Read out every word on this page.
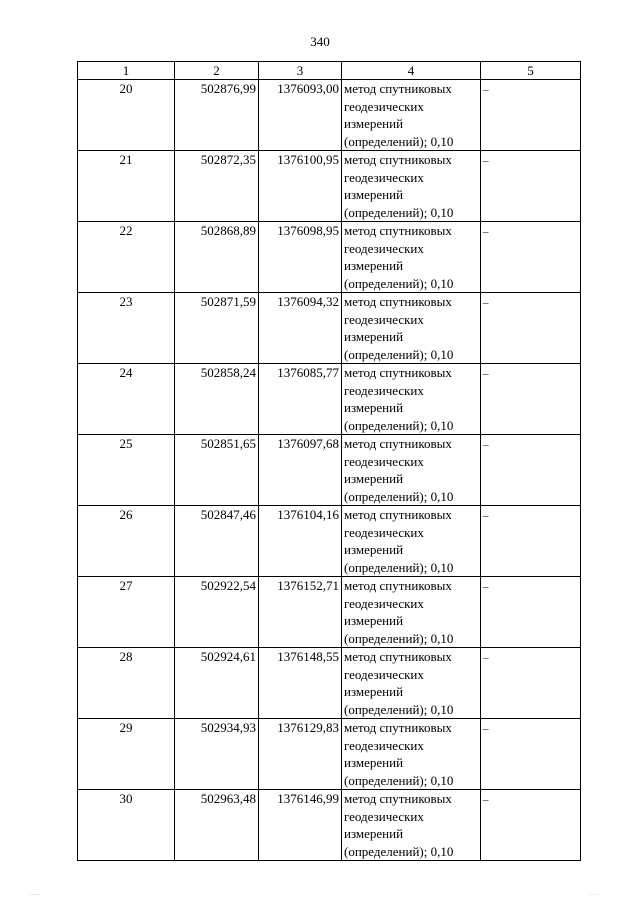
340
1	2	3	4	5
20	502876,99	1376093,00	метод спутниковых геодезических измерений (определений); 0,10	–
21	502872,35	1376100,95	метод спутниковых геодезических измерений (определений); 0,10	–
22	502868,89	1376098,95	метод спутниковых геодезических измерений (определений); 0,10	–
23	502871,59	1376094,32	метод спутниковых геодезических измерений (определений); 0,10	–
24	502858,24	1376085,77	метод спутниковых геодезических измерений (определений); 0,10	–
25	502851,65	1376097,68	метод спутниковых геодезических измерений (определений); 0,10	–
26	502847,46	1376104,16	метод спутниковых геодезических измерений (определений); 0,10	–
27	502922,54	1376152,71	метод спутниковых геодезических измерений (определений); 0,10	–
28	502924,61	1376148,55	метод спутниковых геодезических измерений (определений); 0,10	–
29	502934,93	1376129,83	метод спутниковых геодезических измерений (определений); 0,10	–
30	502963,48	1376146,99	метод спутниковых геодезических измерений (определений); 0,10	–
.. ...	. . . .
